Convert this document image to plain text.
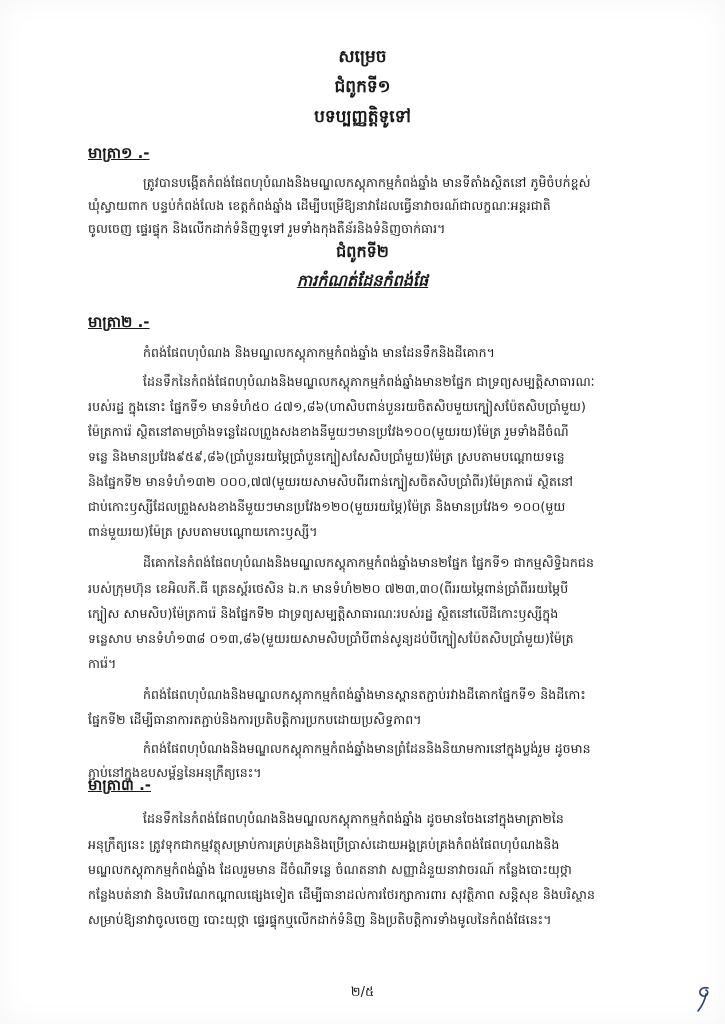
សម្រេច
ជំពូកទី១
បទប្បញ្ញត្តិទូទៅ
មាត្រា១ .-
ត្រូវបានបង្កើតកំពង់ផែពហុបំណងនិងមណ្ឌលកស្តុភាកម្មកំពង់ឆ្នាំង មានទីតាំងស្ថិតនៅ ភូមិចំបក់ខ្ពស់
ឃុំស្វាយពាក បន្ទប់កំពង់លែង ខេត្តកំពង់ឆ្នាំង ដើម្បីបម្រើឱ្យនាវាដែលធ្វើនាវាចរណ៍ជាលក្ខណៈអន្តរជាតិ
ចូលចេញ ផ្ទេរផ្ទុក និងលើកដាក់ទំនិញទូទៅ រួមទាំងកុងតឺន័រនិងទំនិញចាក់ធារ។
ជំពូកទី២
ការកំណត់ដែនកំពង់ផែ
មាត្រា២ .-
កំពង់ផែពហុបំណង និងមណ្ឌលកស្តុភាកម្មកំពង់ឆ្នាំង មានដែនទឹកនិងដីគោក។
ដែនទឹកនៃកំពង់ផែពហុបំណងនិងមណ្ឌលកស្តុភាកម្មកំពង់ឆ្នាំងមាន២ផ្នែក ជាទ្រព្យសម្បត្តិសាធារណៈ
របស់រដ្ឋ ក្នុងនោះ ផ្នែកទី១ មានទំហំ៥០ ៤៧១,៨៦(ហាសិបពាន់បួនរយចិតសិបមួយក្បៀសប៉ែតសិបប្រាំមួយ)
ម៉ែត្រការ៉េ ស្ថិតនៅតាមច្រាំងទន្លេដែលព្រួងសងខាងនីមួយៗមានប្រវែង១០០(មួយរយ)ម៉ែត្រ រួមទាំងដីចំណី
ទន្លេ និងមានប្រវែង៩៥៩,៨៦(ប្រាំបួនរយម្ភៃប្រាំបួនក្បៀសសែសិបប្រាំមួយ)ម៉ែត្រ ស្របតាមបណ្តោយទន្លេ
និងផ្នែកទី២ មានទំហំ១៣២ ០០០,៧៧(មួយរយសាមសិបពីរពាន់ក្បៀសចិតសិបប្រាំពីរ)ម៉ែត្រការ៉េ ស្ថិតនៅ
ជាប់កោះឫស្សីដែលព្រួងសងខាងនីមួយៗមានប្រវែង១២០(មួយរយម្ភៃ)ម៉ែត្រ និងមានប្រវែង១ ១០០(មួយ
ពាន់មួយរយ)ម៉ែត្រ ស្របតាមបណ្តោយកោះឫស្សី។
ដីគោកនៃកំពង់ផែពហុបំណងនិងមណ្ឌលកស្តុភាកម្មកំពង់ឆ្នាំងមាន២ផ្នែក ផ្នែកទី១ ជាកម្មសិទ្ធិឯកជន
របស់ក្រុមហ៊ុន ខេអិលភី.ធី ត្រេនស្ព័រថេសិន ឯ.ក មានទំហំ២២០ ៧២៣,៣០(ពីររយម្ភៃពាន់ប្រាំពីររយម្ភៃបី
ក្បៀស សាមសិប)ម៉ែត្រការ៉េ និងផ្នែកទី២ ជាទ្រព្យសម្បត្តិសាធារណៈរបស់រដ្ឋ ស្ថិតនៅលើដីកោះឫស្សីក្នុង
ទន្លេសាប មានទំហំ១៣៨ ០១៣,៨៦(មួយរយសាមសិបប្រាំបីពាន់សូន្យដប់បីក្បៀសប៉ែតសិបប្រាំមួយ)ម៉ែត្រ
ការ៉េ។
កំពង់ផែពហុបំណងនិងមណ្ឌលកស្តុភាកម្មកំពង់ឆ្នាំងមានស្ពានតភ្ជាប់រវាងដីគោកផ្នែកទី១ និងដីកោះ
ផ្នែកទី២ ដើម្បីធានាការតភ្ជាប់និងការប្រតិបត្តិការប្រកបដោយប្រសិទ្ធភាព។
កំពង់ផែពហុបំណងនិងមណ្ឌលកស្តុភាកម្មកំពង់ឆ្នាំងមានព្រំដែននិងនិយាមការនៅក្នុងប្លង់រួម ដូចមាន
ភ្ជាប់នៅក្នុងឧបសម្ព័ន្ធនៃអនុក្រឹត្យនេះ។
មាត្រា៣ .-
ដែនទឹកនៃកំពង់ផែពហុបំណងនិងមណ្ឌលកស្តុភាកម្មកំពង់ឆ្នាំង ដូចមានចែងនៅក្នុងមាត្រា២នៃ
អនុក្រឹត្យនេះ ត្រូវទុកជាកម្មវត្ថុសម្រាប់ការគ្រប់គ្រងនិងប្រើប្រាស់ដោយអង្គគ្រប់គ្រងកំពង់ផែពហុបំណងនិង
មណ្ឌលកស្តុភាកម្មកំពង់ឆ្នាំង ដែលរួមមាន ដីចំណីទន្លេ ចំណតនាវា សញ្ញាដំនួយនាវាចរណ៍ កន្លែងបោះយុថ្កា
កន្លែងបត់នាវា និងបរិវេណកណ្តាលផ្សេងទៀត ដើម្បីធានាដល់ការថែរក្សាការពារ សុវត្ថិភាព សន្តិសុខ និងបរិស្ថាន
សម្រាប់ឱ្យនាវាចូលចេញ បោះយុថ្កា ផ្ទេរផ្ទុកឬលើកដាក់ទំនិញ និងប្រតិបត្តិការទាំងមូលនៃកំពង់ផែនេះ។
២/៥
